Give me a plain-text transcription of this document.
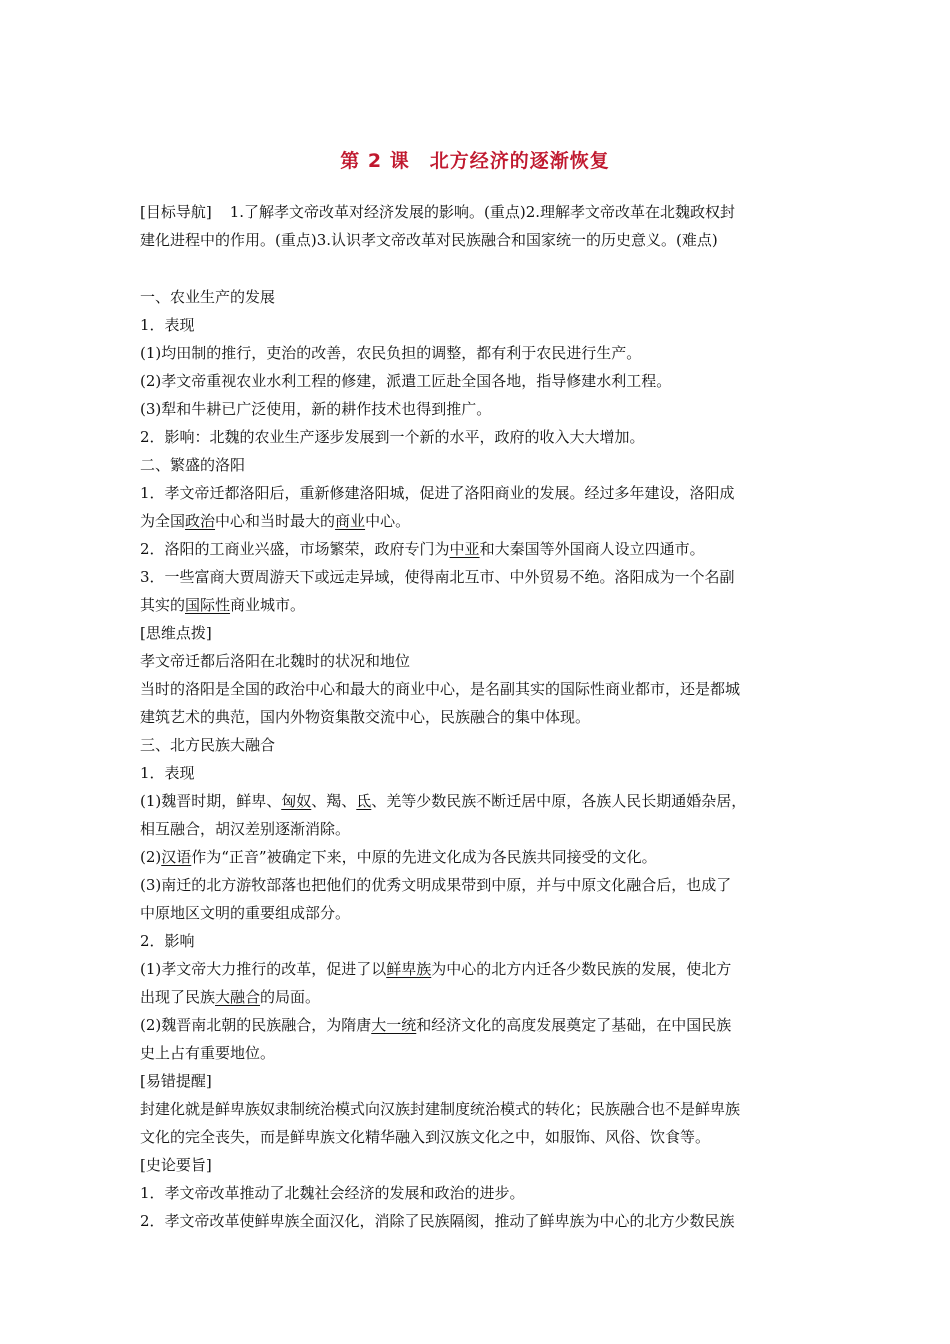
第 2 课　北方经济的逐渐恢复
[目标导航] 1.了解孝文帝改革对经济发展的影响。(重点)2.理解孝文帝改革在北魏政权封
建化进程中的作用。(重点)3.认识孝文帝改革对民族融合和国家统一的历史意义。(难点)
一、农业生产的发展
1．表现
(1)均田制的推行，吏治的改善，农民负担的调整，都有利于农民进行生产。
(2)孝文帝重视农业水利工程的修建，派遣工匠赴全国各地，指导修建水利工程。
(3)犁和牛耕已广泛使用，新的耕作技术也得到推广。
2．影响：北魏的农业生产逐步发展到一个新的水平，政府的收入大大增加。
二、繁盛的洛阳
1．孝文帝迁都洛阳后，重新修建洛阳城，促进了洛阳商业的发展。经过多年建设，洛阳成
为全国政治中心和当时最大的商业中心。
2．洛阳的工商业兴盛，市场繁荣，政府专门为中亚和大秦国等外国商人设立四通市。
3．一些富商大贾周游天下或远走异域，使得南北互市、中外贸易不绝。洛阳成为一个名副
其实的国际性商业城市。
[思维点拨]
孝文帝迁都后洛阳在北魏时的状况和地位
当时的洛阳是全国的政治中心和最大的商业中心，是名副其实的国际性商业都市，还是都城
建筑艺术的典范，国内外物资集散交流中心，民族融合的集中体现。
三、北方民族大融合
1．表现
(1)魏晋时期，鲜卑、匈奴、羯、氐、羌等少数民族不断迁居中原，各族人民长期通婚杂居，
相互融合，胡汉差别逐渐消除。
(2)汉语作为“正音”被确定下来，中原的先进文化成为各民族共同接受的文化。
(3)南迁的北方游牧部落也把他们的优秀文明成果带到中原，并与中原文化融合后，也成了
中原地区文明的重要组成部分。
2．影响
(1)孝文帝大力推行的改革，促进了以鲜卑族为中心的北方内迁各少数民族的发展，使北方
出现了民族大融合的局面。
(2)魏晋南北朝的民族融合，为隋唐大一统和经济文化的高度发展奠定了基础，在中国民族
史上占有重要地位。
[易错提醒]
封建化就是鲜卑族奴隶制统治模式向汉族封建制度统治模式的转化；民族融合也不是鲜卑族
文化的完全丧失，而是鲜卑族文化精华融入到汉族文化之中，如服饰、风俗、饮食等。
[史论要旨]
1．孝文帝改革推动了北魏社会经济的发展和政治的进步。
2．孝文帝改革使鲜卑族全面汉化，消除了民族隔阂，推动了鲜卑族为中心的北方少数民族
